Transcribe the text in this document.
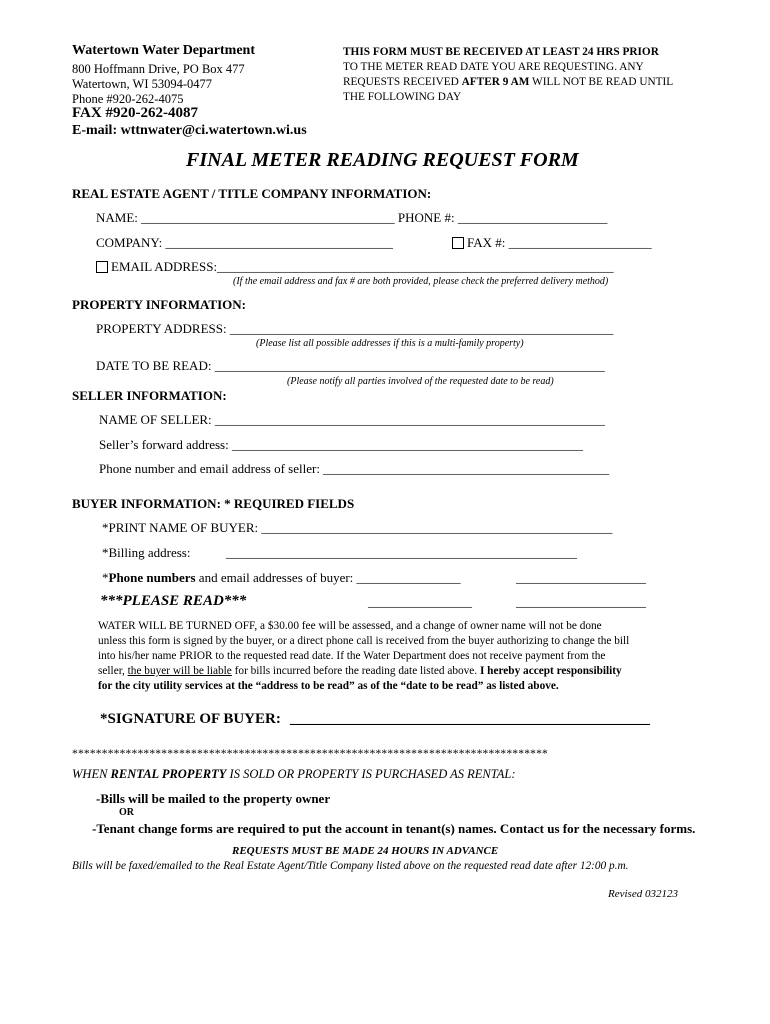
Watertown Water Department
800 Hoffmann Drive, PO Box 477
Watertown, WI 53094-0477
Phone #920-262-4075
FAX #920-262-4087
E-mail: wttnwater@ci.watertown.wi.us
THIS FORM MUST BE RECEIVED AT LEAST 24 HRS PRIOR
TO THE METER READ DATE YOU ARE REQUESTING. ANY
REQUESTS RECEIVED AFTER 9 AM WILL NOT BE READ UNTIL
THE FOLLOWING DAY
FINAL METER READING REQUEST FORM
REAL ESTATE AGENT / TITLE COMPANY INFORMATION:
NAME: _______________________________________ PHONE #: _______________________
COMPANY: ___________________________________	FAX #: ______________________
EMAIL ADDRESS:_____________________________________________________________
(If the email address and fax # are both provided, please check the preferred delivery method)
PROPERTY INFORMATION:
PROPERTY ADDRESS: ___________________________________________________________
(Please list all possible addresses if this is a multi-family property)
DATE TO BE READ: ____________________________________________________________
(Please notify all parties involved of the requested date to be read)
SELLER INFORMATION:
NAME OF SELLER: ____________________________________________________________
Seller’s forward address: ______________________________________________________
Phone number and email address of seller: ____________________________________________
BUYER INFORMATION: * REQUIRED FIELDS
*PRINT NAME OF BUYER: ______________________________________________________
*Billing address:	______________________________________________________
*Phone numbers and email addresses of buyer: ________________	____________________
***PLEASE READ***	________________	____________________
WATER WILL BE TURNED OFF, a $30.00 fee will be assessed, and a change of owner name will not be done
unless this form is signed by the buyer, or a direct phone call is received from the buyer authorizing to change the bill
into his/her name PRIOR to the requested read date. If the Water Department does not receive payment from the
seller, the buyer will be liable for bills incurred before the reading date listed above. I hereby accept responsibility
for the city utility services at the “address to be read” as of the “date to be read” as listed above.
*SIGNATURE OF BUYER: ________________________________________________
********************************************************************************
WHEN RENTAL PROPERTY IS SOLD OR PROPERTY IS PURCHASED AS RENTAL:
-Bills will be mailed to the property owner
OR
-Tenant change forms are required to put the account in tenant(s) names. Contact us for the necessary forms.
REQUESTS MUST BE MADE 24 HOURS IN ADVANCE
Bills will be faxed/emailed to the Real Estate Agent/Title Company listed above on the requested read date after 12:00 p.m.
Revised 032123
